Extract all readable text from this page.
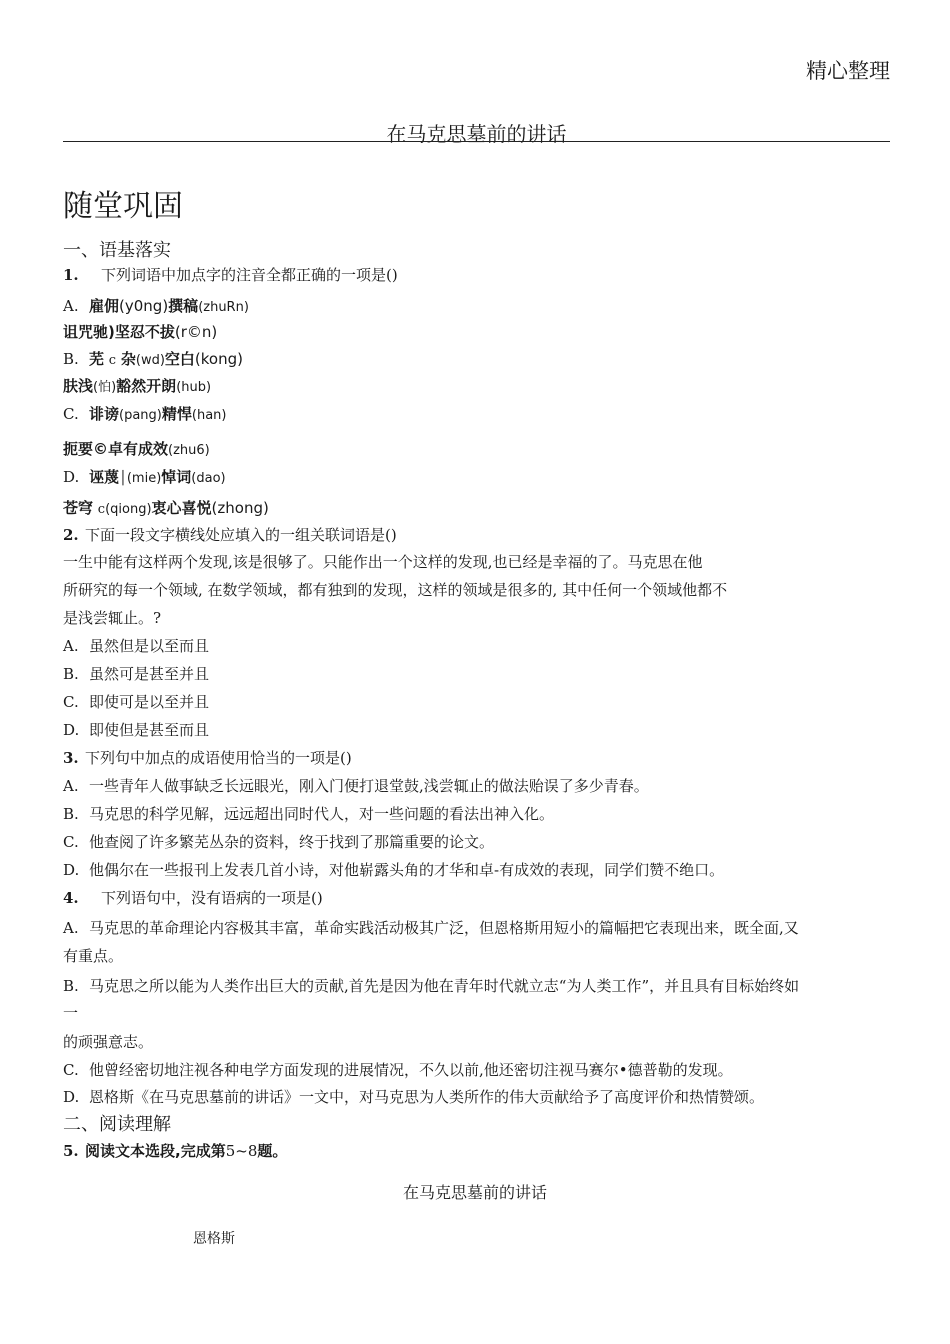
精心整理
在马克思墓前的讲话
随堂巩固
一、语基落实
1. 下列词语中加点字的注音全都正确的一项是()
A. 雇佣(y0ng)撰稿(zhuRn)
诅咒驰)坚忍不拔(r©n)
B. 芜 c 杂(wd)空白(kong)
肤浅(怕)豁然开朗(hub)
C. 诽谤(pang)精悍(han)
扼要©卓有成效(zhu6)
D. 诬蔑│(mie)悼词(dao)
苍穹 c(qiong)衷心喜悦(zhong)
2. 下面一段文字横线处应填入的一组关联词语是()
一生中能有这样两个发现,该是很够了。只能作出一个这样的发现,也已经是幸福的了。马克思在他
所研究的每一个领域, 在数学领域，都有独到的发现，这样的领域是很多的, 其中任何一个领域他都不
是浅尝辄止。?
A. 虽然但是以至而且
B. 虽然可是甚至并且
C. 即使可是以至并且
D. 即使但是甚至而且
3. 下列句中加点的成语使用恰当的一项是()
A. 一些青年人做事缺乏长远眼光，刚入门便打退堂鼓,浅尝辄止的做法贻误了多少青春。
B. 马克思的科学见解，远远超出同时代人，对一些问题的看法出神入化。
C. 他查阅了许多繁芜丛杂的资料，终于找到了那篇重要的论文。
D. 他偶尔在一些报刊上发表几首小诗，对他崭露头角的才华和卓-有成效的表现，同学们赞不绝口。
4. 下列语句中，没有语病的一项是()
A. 马克思的革命理论内容极其丰富，革命实践活动极其广泛，但恩格斯用短小的篇幅把它表现出来，既全面,又
有重点。
B. 马克思之所以能为人类作出巨大的贡献,首先是因为他在青年时代就立志“为人类工作”，并且具有目标始终如
一
的顽强意志。
C. 他曾经密切地注视各种电学方面发现的进展情况，不久以前,他还密切注视马赛尔•德普勒的发现。
D. 恩格斯《在马克思墓前的讲话》一文中，对马克思为人类所作的伟大贡献给予了高度评价和热情赞颂。
二、阅读理解
5. 阅读文本选段,完成第5~8题。
在马克思墓前的讲话
恩格斯
